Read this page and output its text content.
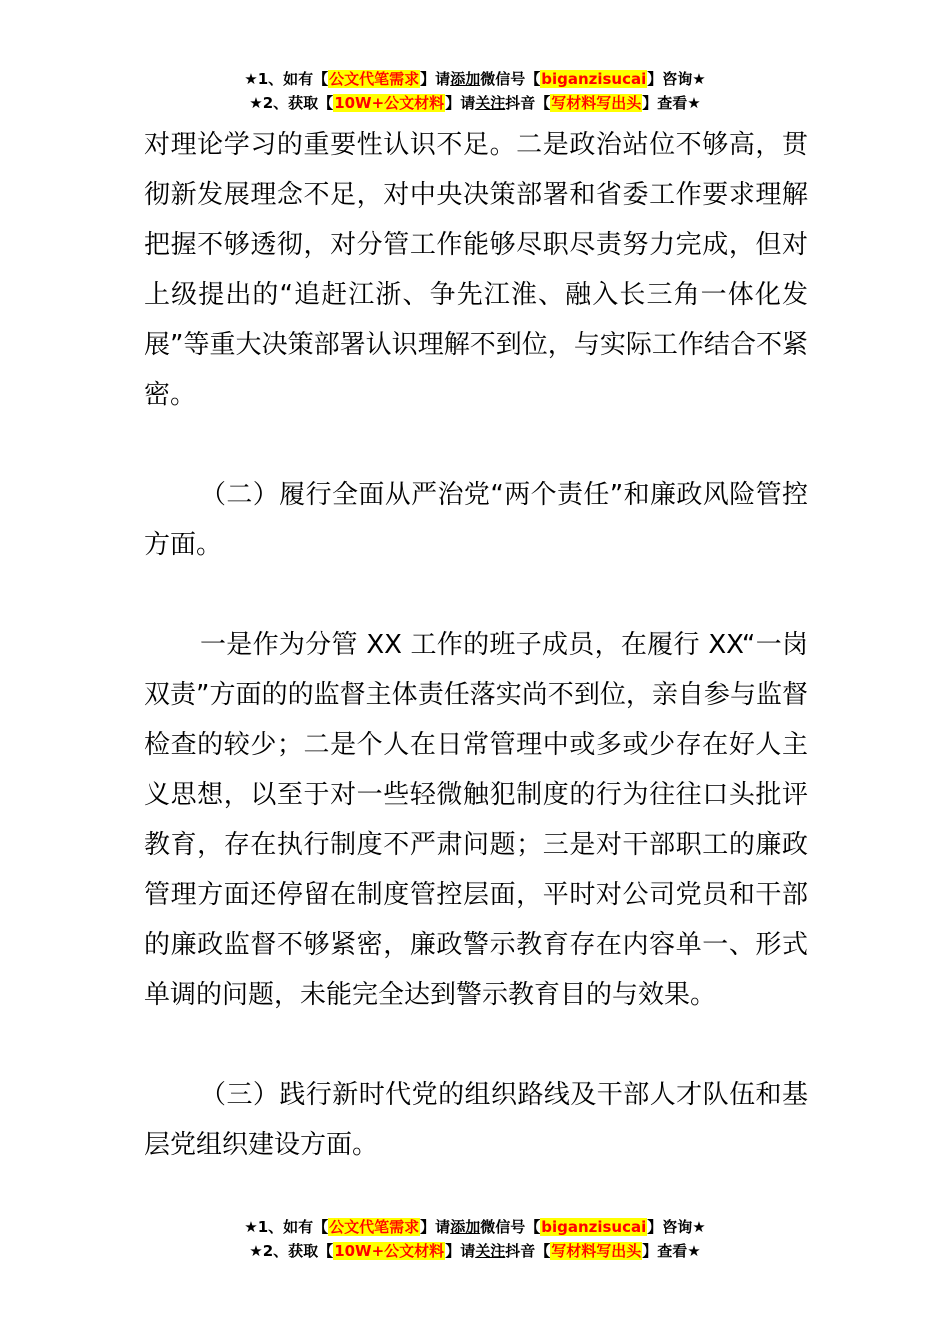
★1、如有【公文代笔需求】请添加微信号【biganzisucai】咨询★
★2、获取【10W+公文材料】请关注抖音【写材料写出头】查看★

对理论学习的重要性认识不足。二是政治站位不够高，贯彻新发展理念不足，对中央决策部署和省委工作要求理解把握不够透彻，对分管工作能够尽职尽责努力完成，但对上级提出的“追赶江浙、争先江淮、融入长三角一体化发展”等重大决策部署认识理解不到位，与实际工作结合不紧密。

（二）履行全面从严治党“两个责任”和廉政风险管控方面。

一是作为分管 XX 工作的班子成员，在履行 XX“一岗双责”方面的的监督主体责任落实尚不到位，亲自参与监督检查的较少；二是个人在日常管理中或多或少存在好人主义思想，以至于对一些轻微触犯制度的行为往往口头批评教育，存在执行制度不严肃问题；三是对干部职工的廉政管理方面还停留在制度管控层面，平时对公司党员和干部的廉政监督不够紧密，廉政警示教育存在内容单一、形式单调的问题，未能完全达到警示教育目的与效果。

（三）践行新时代党的组织路线及干部人才队伍和基层党组织建设方面。

★1、如有【公文代笔需求】请添加微信号【biganzisucai】咨询★
★2、获取【10W+公文材料】请关注抖音【写材料写出头】查看★
